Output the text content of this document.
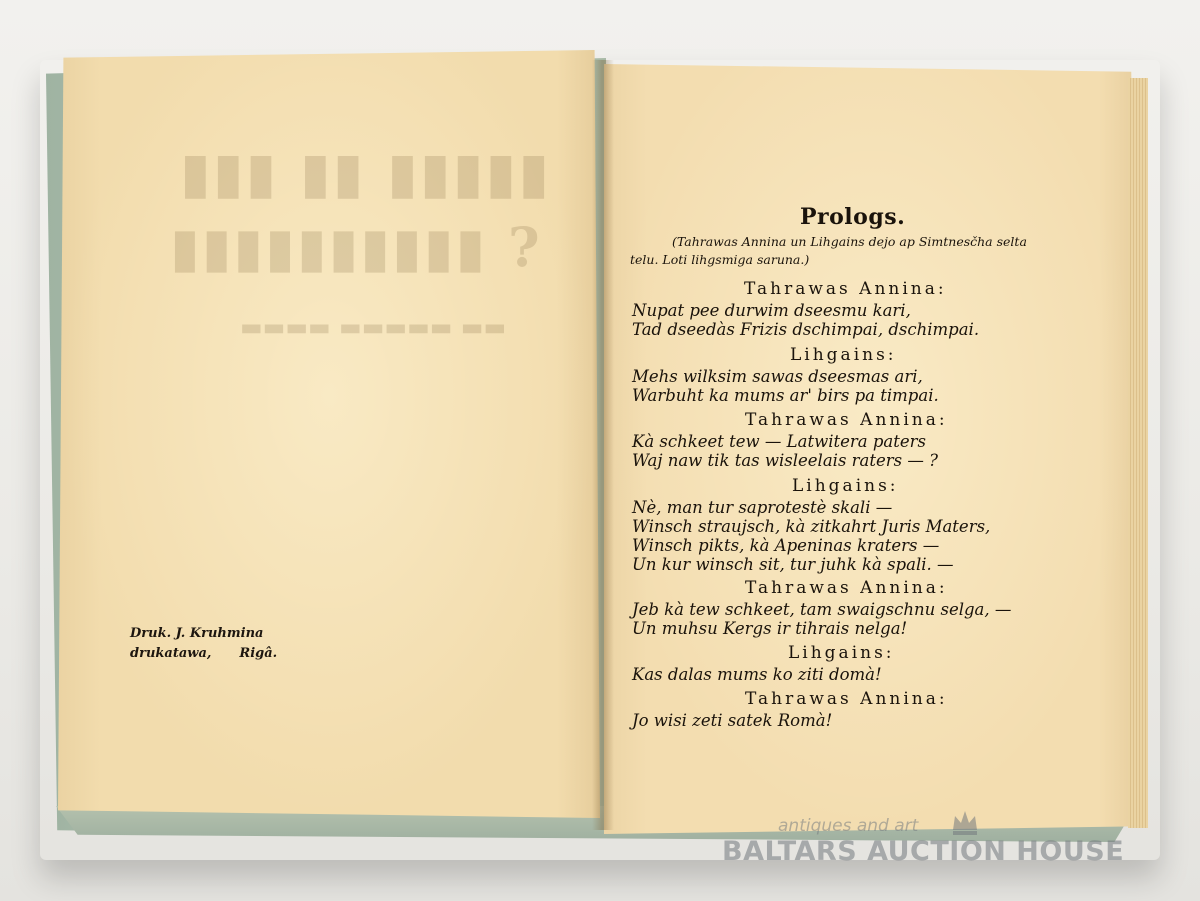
▮▮▮ ▮▮ ▮▮▮▮▮
▮▮▮▮▮▮▮▮▮▮ ?
▬▬▬▬ ▬▬▬▬▬ ▬▬
Druk. J. Kruhmina
drukatawa, Rigâ.
Prologs.
(Tahrawas Annina un Lihgains dejo ap Simtnesčha selta
telu. Loti lihgsmiga sarunа.)
Tahrawas Annina:
Nupat pee durwim dseesmu kari,
Tad dseedàs Frizis dschimpai, dschimpai.
Lihgains:
Mehs wilksim sawas dseesmas ari,
Warbuht ka mums ar' birs pa timpai.
Tahrawas Annina:
Kà schkeet tew — Latwitera paters
Waj naw tik tas wisleelais raters — ?
Lihgains:
Nè, man tur saprotestè skali —
Winsch straujsch, kà zitkahrt Juris Maters,
Winsch pikts, kà Apeninas kraters —
Un kur winsch sit, tur juhk kà spali. —
Tahrawas Annina:
Jeb kà tew schkeet, tam swaigschnu selga, —
Un muhsu Kergs ir tihrais nelga!
Lihgains:
Kas dalas mums ko ziti domà!
Tahrawas Annina:
Jo wisi zeti satek Romà!
antiques and art
BALTARS AUCTION HOUSE
